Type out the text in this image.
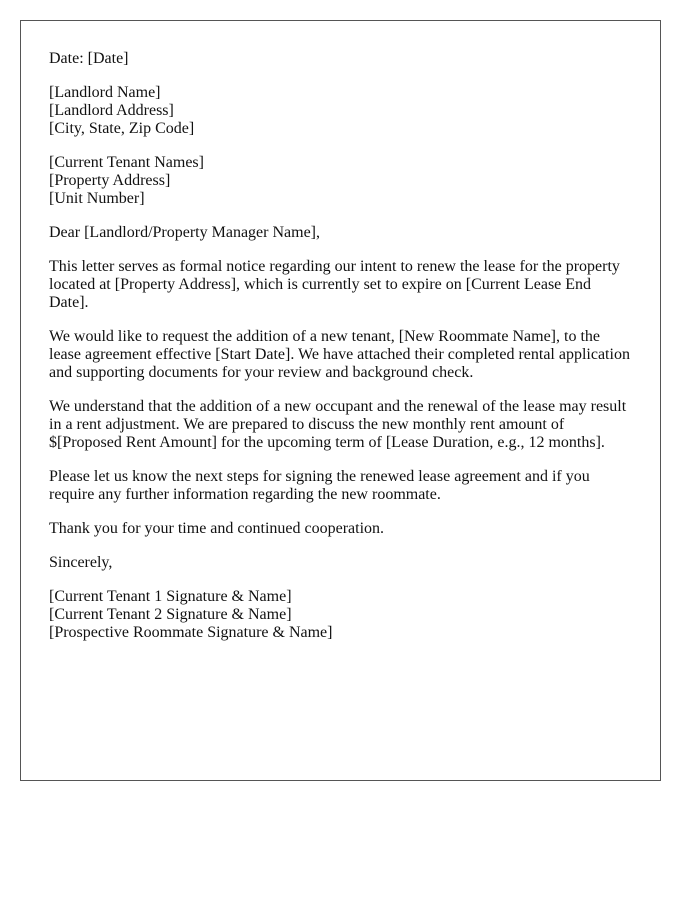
Date: [Date]

[Landlord Name]
[Landlord Address]
[City, State, Zip Code]

[Current Tenant Names]
[Property Address]
[Unit Number]

Dear [Landlord/Property Manager Name],

This letter serves as formal notice regarding our intent to renew the lease for the property located at [Property Address], which is currently set to expire on [Current Lease End Date].

We would like to request the addition of a new tenant, [New Roommate Name], to the lease agreement effective [Start Date]. We have attached their completed rental application and supporting documents for your review and background check.

We understand that the addition of a new occupant and the renewal of the lease may result in a rent adjustment. We are prepared to discuss the new monthly rent amount of $[Proposed Rent Amount] for the upcoming term of [Lease Duration, e.g., 12 months].

Please let us know the next steps for signing the renewed lease agreement and if you require any further information regarding the new roommate.

Thank you for your time and continued cooperation.

Sincerely,

[Current Tenant 1 Signature & Name]
[Current Tenant 2 Signature & Name]
[Prospective Roommate Signature & Name]
